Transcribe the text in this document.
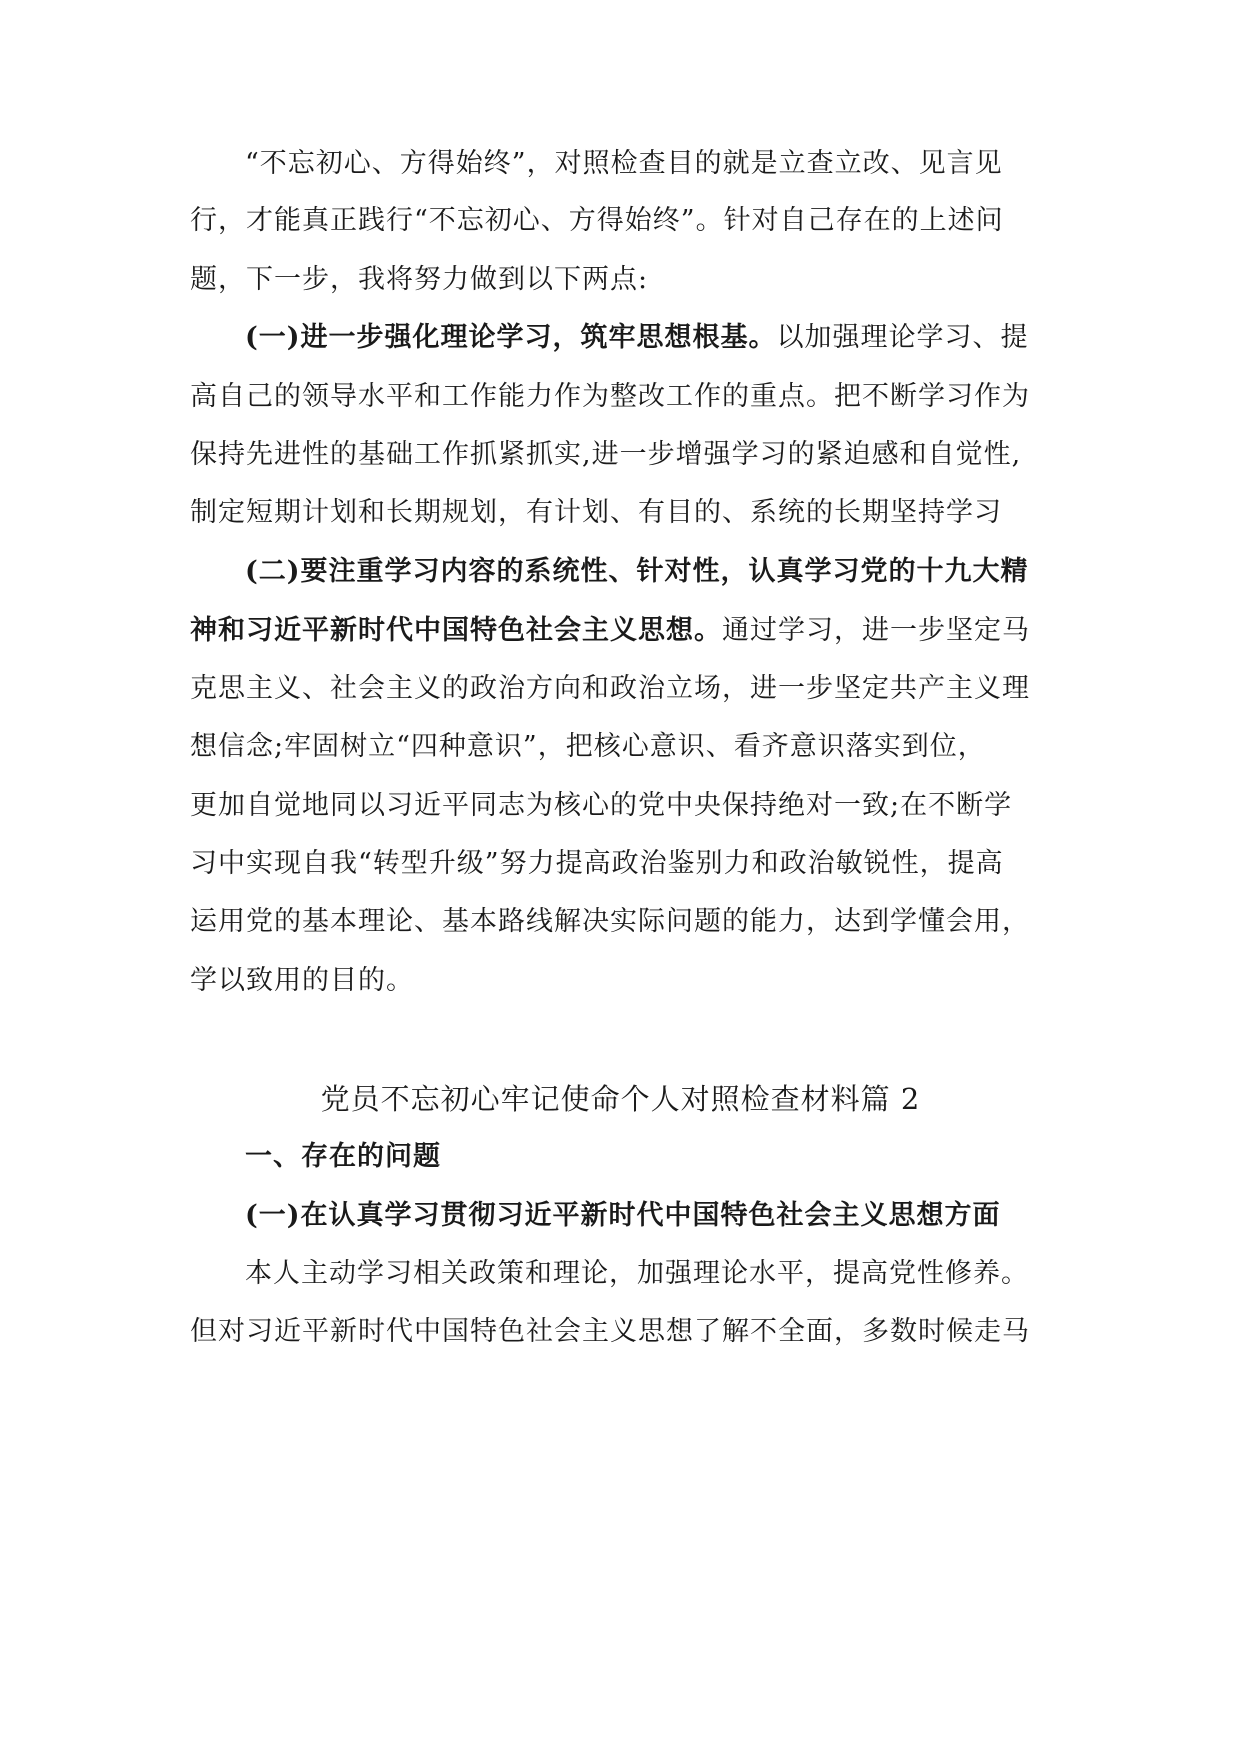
“不忘初心、方得始终”，对照检查目的就是立查立改、见言见
行，才能真正践行“不忘初心、方得始终”。针对自己存在的上述问
题，下一步，我将努力做到以下两点:
(一)进一步强化理论学习，筑牢思想根基。以加强理论学习、提
高自己的领导水平和工作能力作为整改工作的重点。把不断学习作为
保持先进性的基础工作抓紧抓实,进一步增强学习的紧迫感和自觉性,
制定短期计划和长期规划，有计划、有目的、系统的长期坚持学习
(二)要注重学习内容的系统性、针对性，认真学习党的十九大精
神和习近平新时代中国特色社会主义思想。通过学习，进一步坚定马
克思主义、社会主义的政治方向和政治立场，进一步坚定共产主义理
想信念;牢固树立“四种意识”，把核心意识、看齐意识落实到位，
更加自觉地同以习近平同志为核心的党中央保持绝对一致;在不断学
习中实现自我“转型升级”努力提高政治鉴别力和政治敏锐性，提高
运用党的基本理论、基本路线解决实际问题的能力，达到学懂会用，
学以致用的目的。
党员不忘初心牢记使命个人对照检查材料篇 2
一、存在的问题
(一)在认真学习贯彻习近平新时代中国特色社会主义思想方面
本人主动学习相关政策和理论，加强理论水平，提高党性修养。
但对习近平新时代中国特色社会主义思想了解不全面，多数时候走马
